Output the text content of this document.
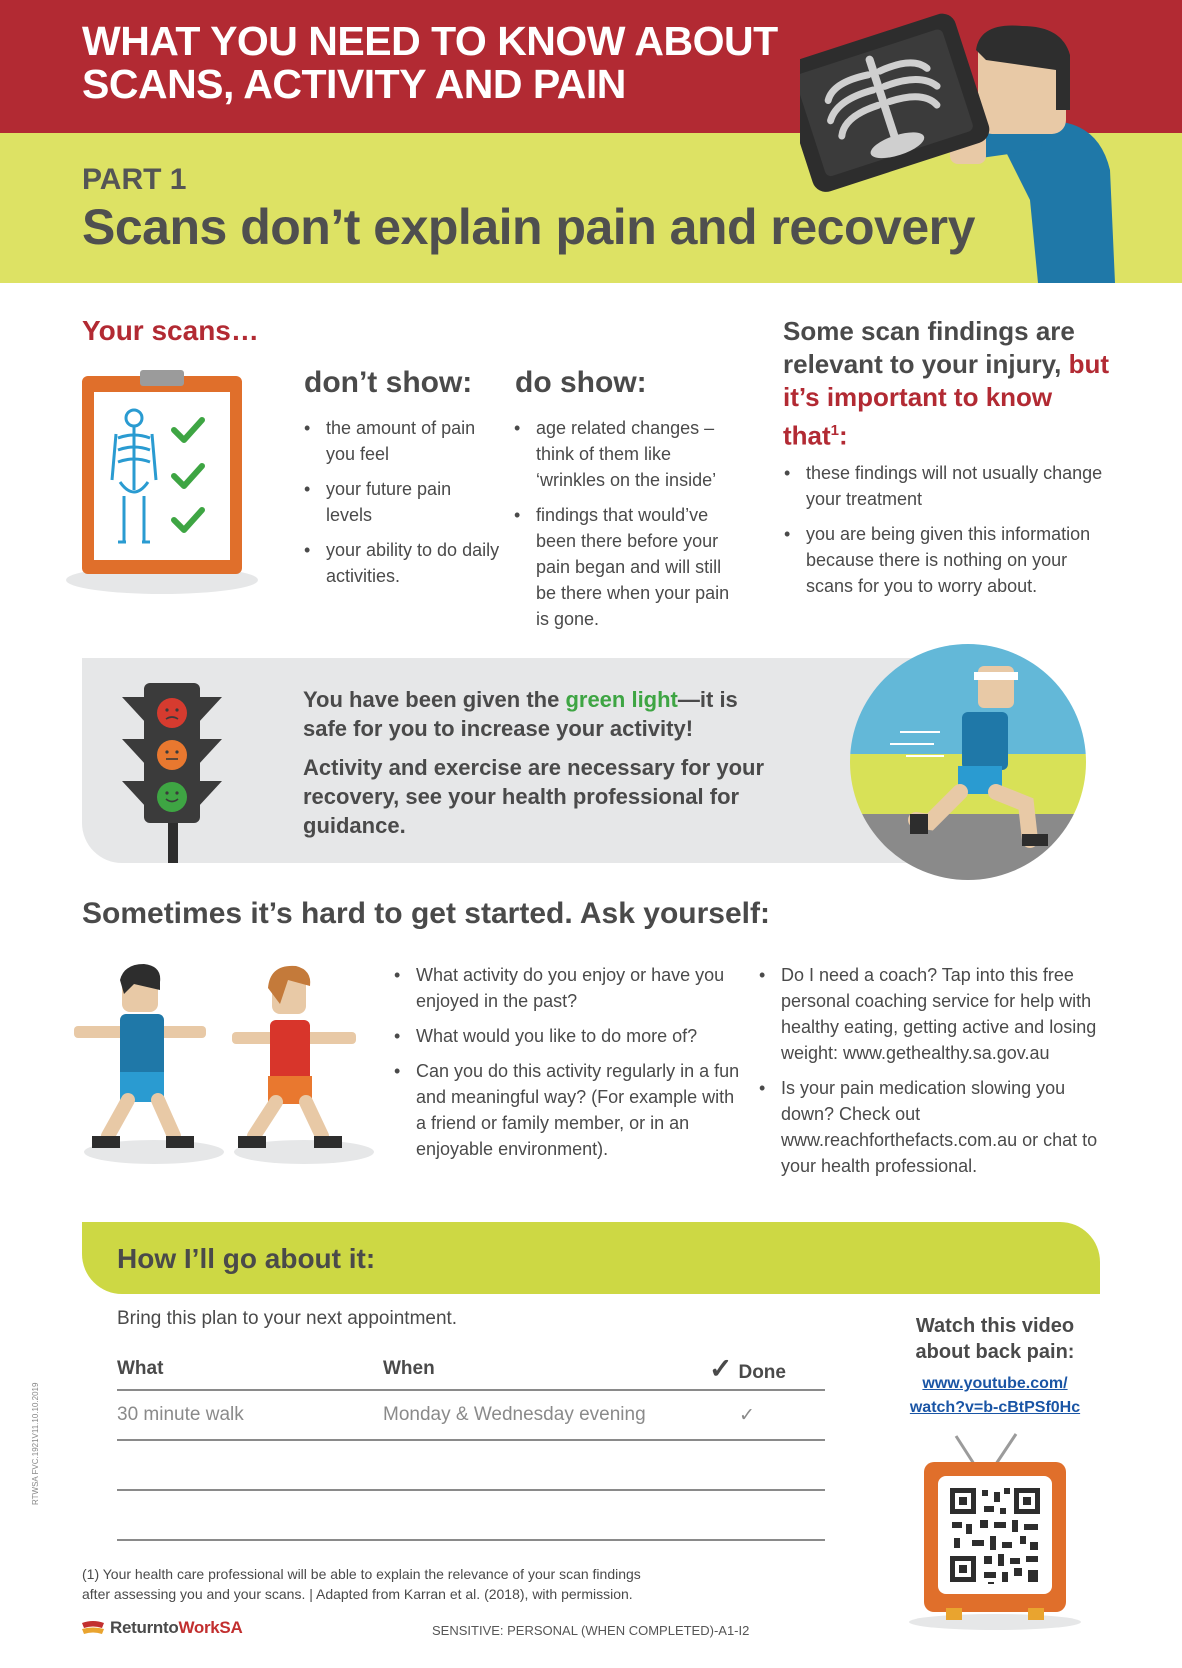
WHAT YOU NEED TO KNOW ABOUT
SCANS, ACTIVITY AND PAIN
PART 1
Scans don’t explain pain and recovery
Your scans…
don’t show:
• the amount of pain you feel
• your future pain levels
• your ability to do daily activities.
do show:
• age related changes – think of them like ‘wrinkles on the inside’
• findings that would’ve been there before your pain began and will still be there when your pain is gone.
Some scan findings are relevant to your injury, but it’s important to know that$^1$:
• these findings will not usually change your treatment
• you are being given this information because there is nothing on your scans for you to worry about.
You have been given the green light—it is safe for you to increase your activity!
Activity and exercise are necessary for your recovery, see your health professional for guidance.
Sometimes it’s hard to get started. Ask yourself:
• What activity do you enjoy or have you enjoyed in the past?
• What would you like to do more of?
• Can you do this activity regularly in a fun and meaningful way? (For example with a friend or family member, or in an enjoyable environment).
• Do I need a coach? Tap into this free personal coaching service for help with healthy eating, getting active and losing weight: www.gethealthy.sa.gov.au
• Is your pain medication slowing you down? Check out www.reachforthefacts.com.au or chat to your health professional.
How I’ll go about it:
Bring this plan to your next appointment.
What	When	✓ Done
30 minute walk	Monday & Wednesday evening	✓

Watch this video about back pain:
www.youtube.com/
watch?v=b-cBtPSf0Hc
(1) Your health care professional will be able to explain the relevance of your scan findings
after assessing you and your scans. | Adapted from Karran et al. (2018), with permission.
ReturntoWorkSA	SENSITIVE: PERSONAL (WHEN COMPLETED)-A1-I2
RTWSA FVC.1921V11.10.10.2019
